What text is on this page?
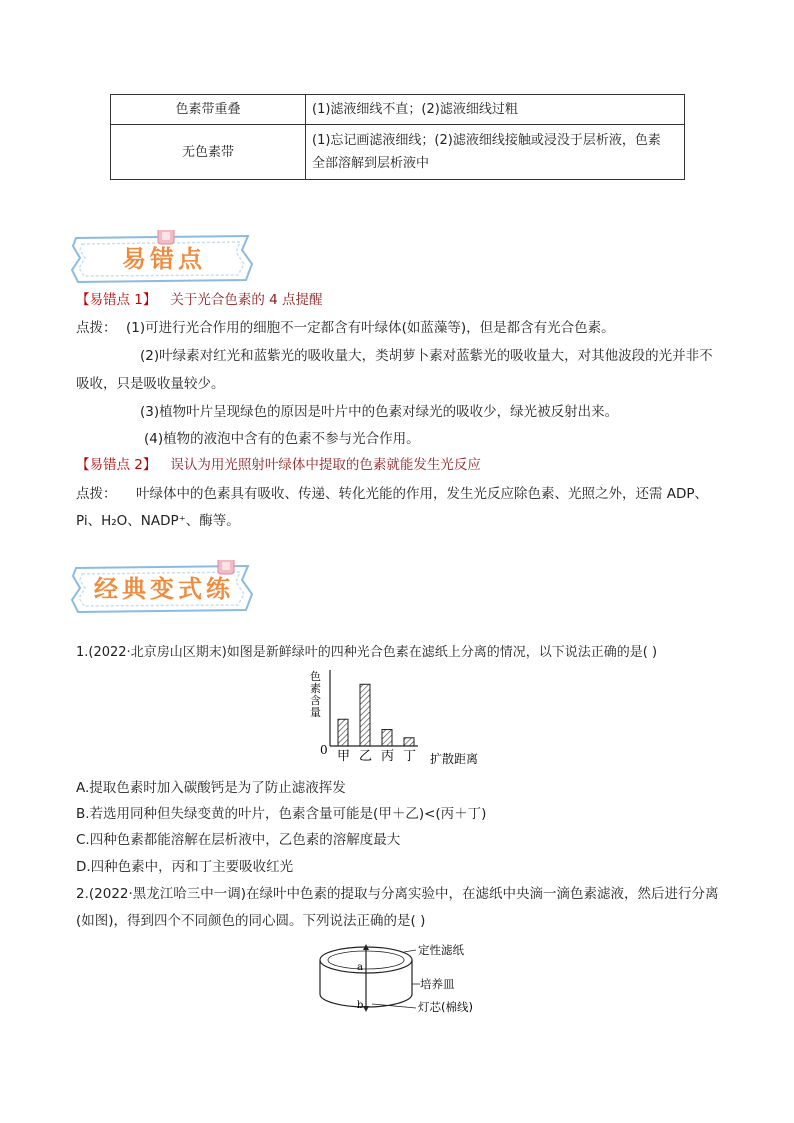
色素带重叠	(1)滤液细线不直；(2)滤液细线过粗
无色素带	(1)忘记画滤液细线；(2)滤液细线接触或浸没于层析液，色素
全部溶解到层析液中
易错点
【易错点 1】 关于光合色素的 4 点提醒
点拨： (1)可进行光合作用的细胞不一定都含有叶绿体(如蓝藻等)，但是都含有光合色素。
(2)叶绿素对红光和蓝紫光的吸收量大，类胡萝卜素对蓝紫光的吸收量大，对其他波段的光并非不
吸收，只是吸收量较少。
(3)植物叶片呈现绿色的原因是叶片中的色素对绿光的吸收少，绿光被反射出来。
(4)植物的液泡中含有的色素不参与光合作用。
【易错点 2】 误认为用光照射叶绿体中提取的色素就能发生光反应
点拨： 叶绿体中的色素具有吸收、传递、转化光能的作用，发生光反应除色素、光照之外，还需 ADP、
Pi、H₂O、NADP⁺、酶等。
经典变式练
1.(2022·北京房山区期末)如图是新鲜绿叶的四种光合色素在滤纸上分离的情况，以下说法正确的是( )
色素含量
0 甲 乙 丙 丁 扩散距离
A.提取色素时加入碳酸钙是为了防止滤液挥发
B.若选用同种但失绿变黄的叶片，色素含量可能是(甲＋乙)<(丙＋丁)
C.四种色素都能溶解在层析液中，乙色素的溶解度最大
D.四种色素中，丙和丁主要吸收红光
2.(2022·黑龙江哈三中一调)在绿叶中色素的提取与分离实验中，在滤纸中央滴一滴色素滤液，然后进行分离
(如图)，得到四个不同颜色的同心圆。下列说法正确的是( )
a
b
定性滤纸
培养皿
灯芯(棉线)
